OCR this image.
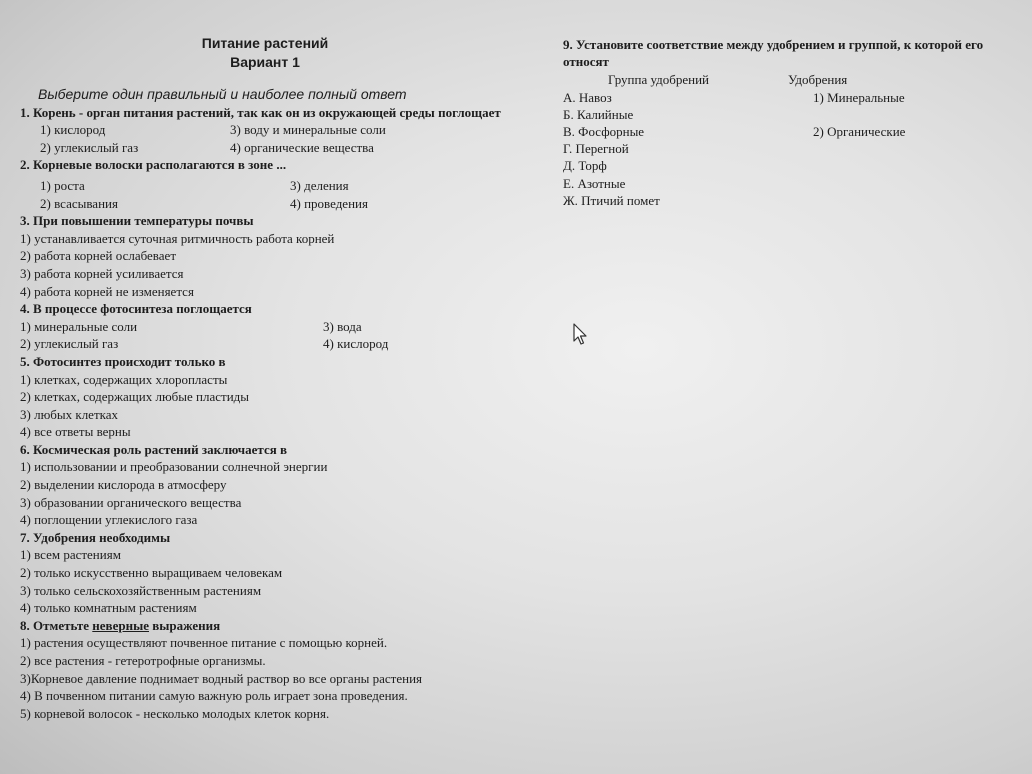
Питание растений
Вариант 1
Выберите один правильный и наиболее полный ответ
1. Корень - орган питания растений, так как он из окружающей среды поглощает
1) кислород	3) воду и минеральные соли
2) углекислый газ	4) органические вещества
2. Корневые волоски располагаются в зоне ...
1) роста	3) деления
2) всасывания	4) проведения
3. При повышении температуры почвы
1) устанавливается суточная ритмичность работа корней
2) работа корней ослабевает
3) работа корней усиливается
4) работа корней не изменяется
4. В процессе фотосинтеза поглощается
1) минеральные соли	3) вода
2) углекислый газ	4) кислород
5. Фотосинтез происходит только в
1) клетках, содержащих хлоропласты
2) клетках, содержащих любые пластиды
3) любых клетках
4) все ответы верны
6. Космическая роль растений заключается в
1) использовании и преобразовании солнечной энергии
2) выделении кислорода в атмосферу
3) образовании органического вещества
4) поглощении углекислого газа
7. Удобрения необходимы
1) всем растениям
2) только искусственно выращиваем человекам
3) только сельскохозяйственным растениям
4) только комнатным растениям
8. Отметьте неверные выражения
1) растения осуществляют почвенное питание с помощью корней.
2) все растения - гетеротрофные организмы.
3)Корневое давление поднимает водный раствор во все органы растения
4) В почвенном питании самую важную роль играет зона проведения.
5) корневой волосок - несколько молодых клеток корня.
9. Установите соответствие между удобрением и группой, к которой его
относят
Группа удобрений	Удобрения
А. Навоз	1) Минеральные
Б. Калийные
В. Фосфорные	2) Органические
Г. Перегной
Д. Торф
Е. Азотные
Ж. Птичий помет
